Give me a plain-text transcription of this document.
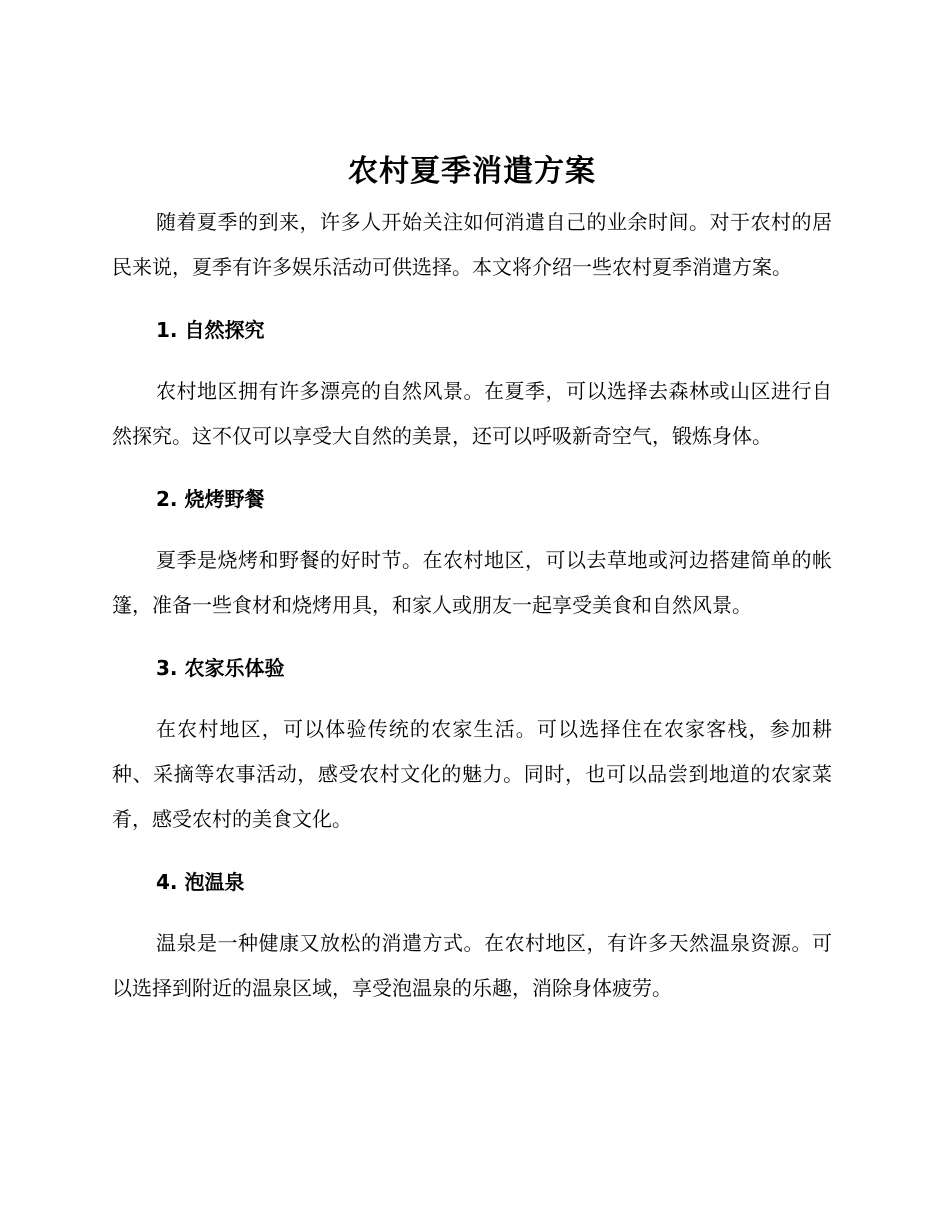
农村夏季消遣方案

随着夏季的到来，许多人开始关注如何消遣自己的业余时间。对于农村的居民来说，夏季有许多娱乐活动可供选择。本文将介绍一些农村夏季消遣方案。

1. 自然探究

农村地区拥有许多漂亮的自然风景。在夏季，可以选择去森林或山区进行自然探究。这不仅可以享受大自然的美景，还可以呼吸新奇空气，锻炼身体。

2. 烧烤野餐

夏季是烧烤和野餐的好时节。在农村地区，可以去草地或河边搭建简单的帐篷，准备一些食材和烧烤用具，和家人或朋友一起享受美食和自然风景。

3. 农家乐体验

在农村地区，可以体验传统的农家生活。可以选择住在农家客栈，参加耕种、采摘等农事活动，感受农村文化的魅力。同时，也可以品尝到地道的农家菜肴，感受农村的美食文化。

4. 泡温泉

温泉是一种健康又放松的消遣方式。在农村地区，有许多天然温泉资源。可以选择到附近的温泉区域，享受泡温泉的乐趣，消除身体疲劳。
